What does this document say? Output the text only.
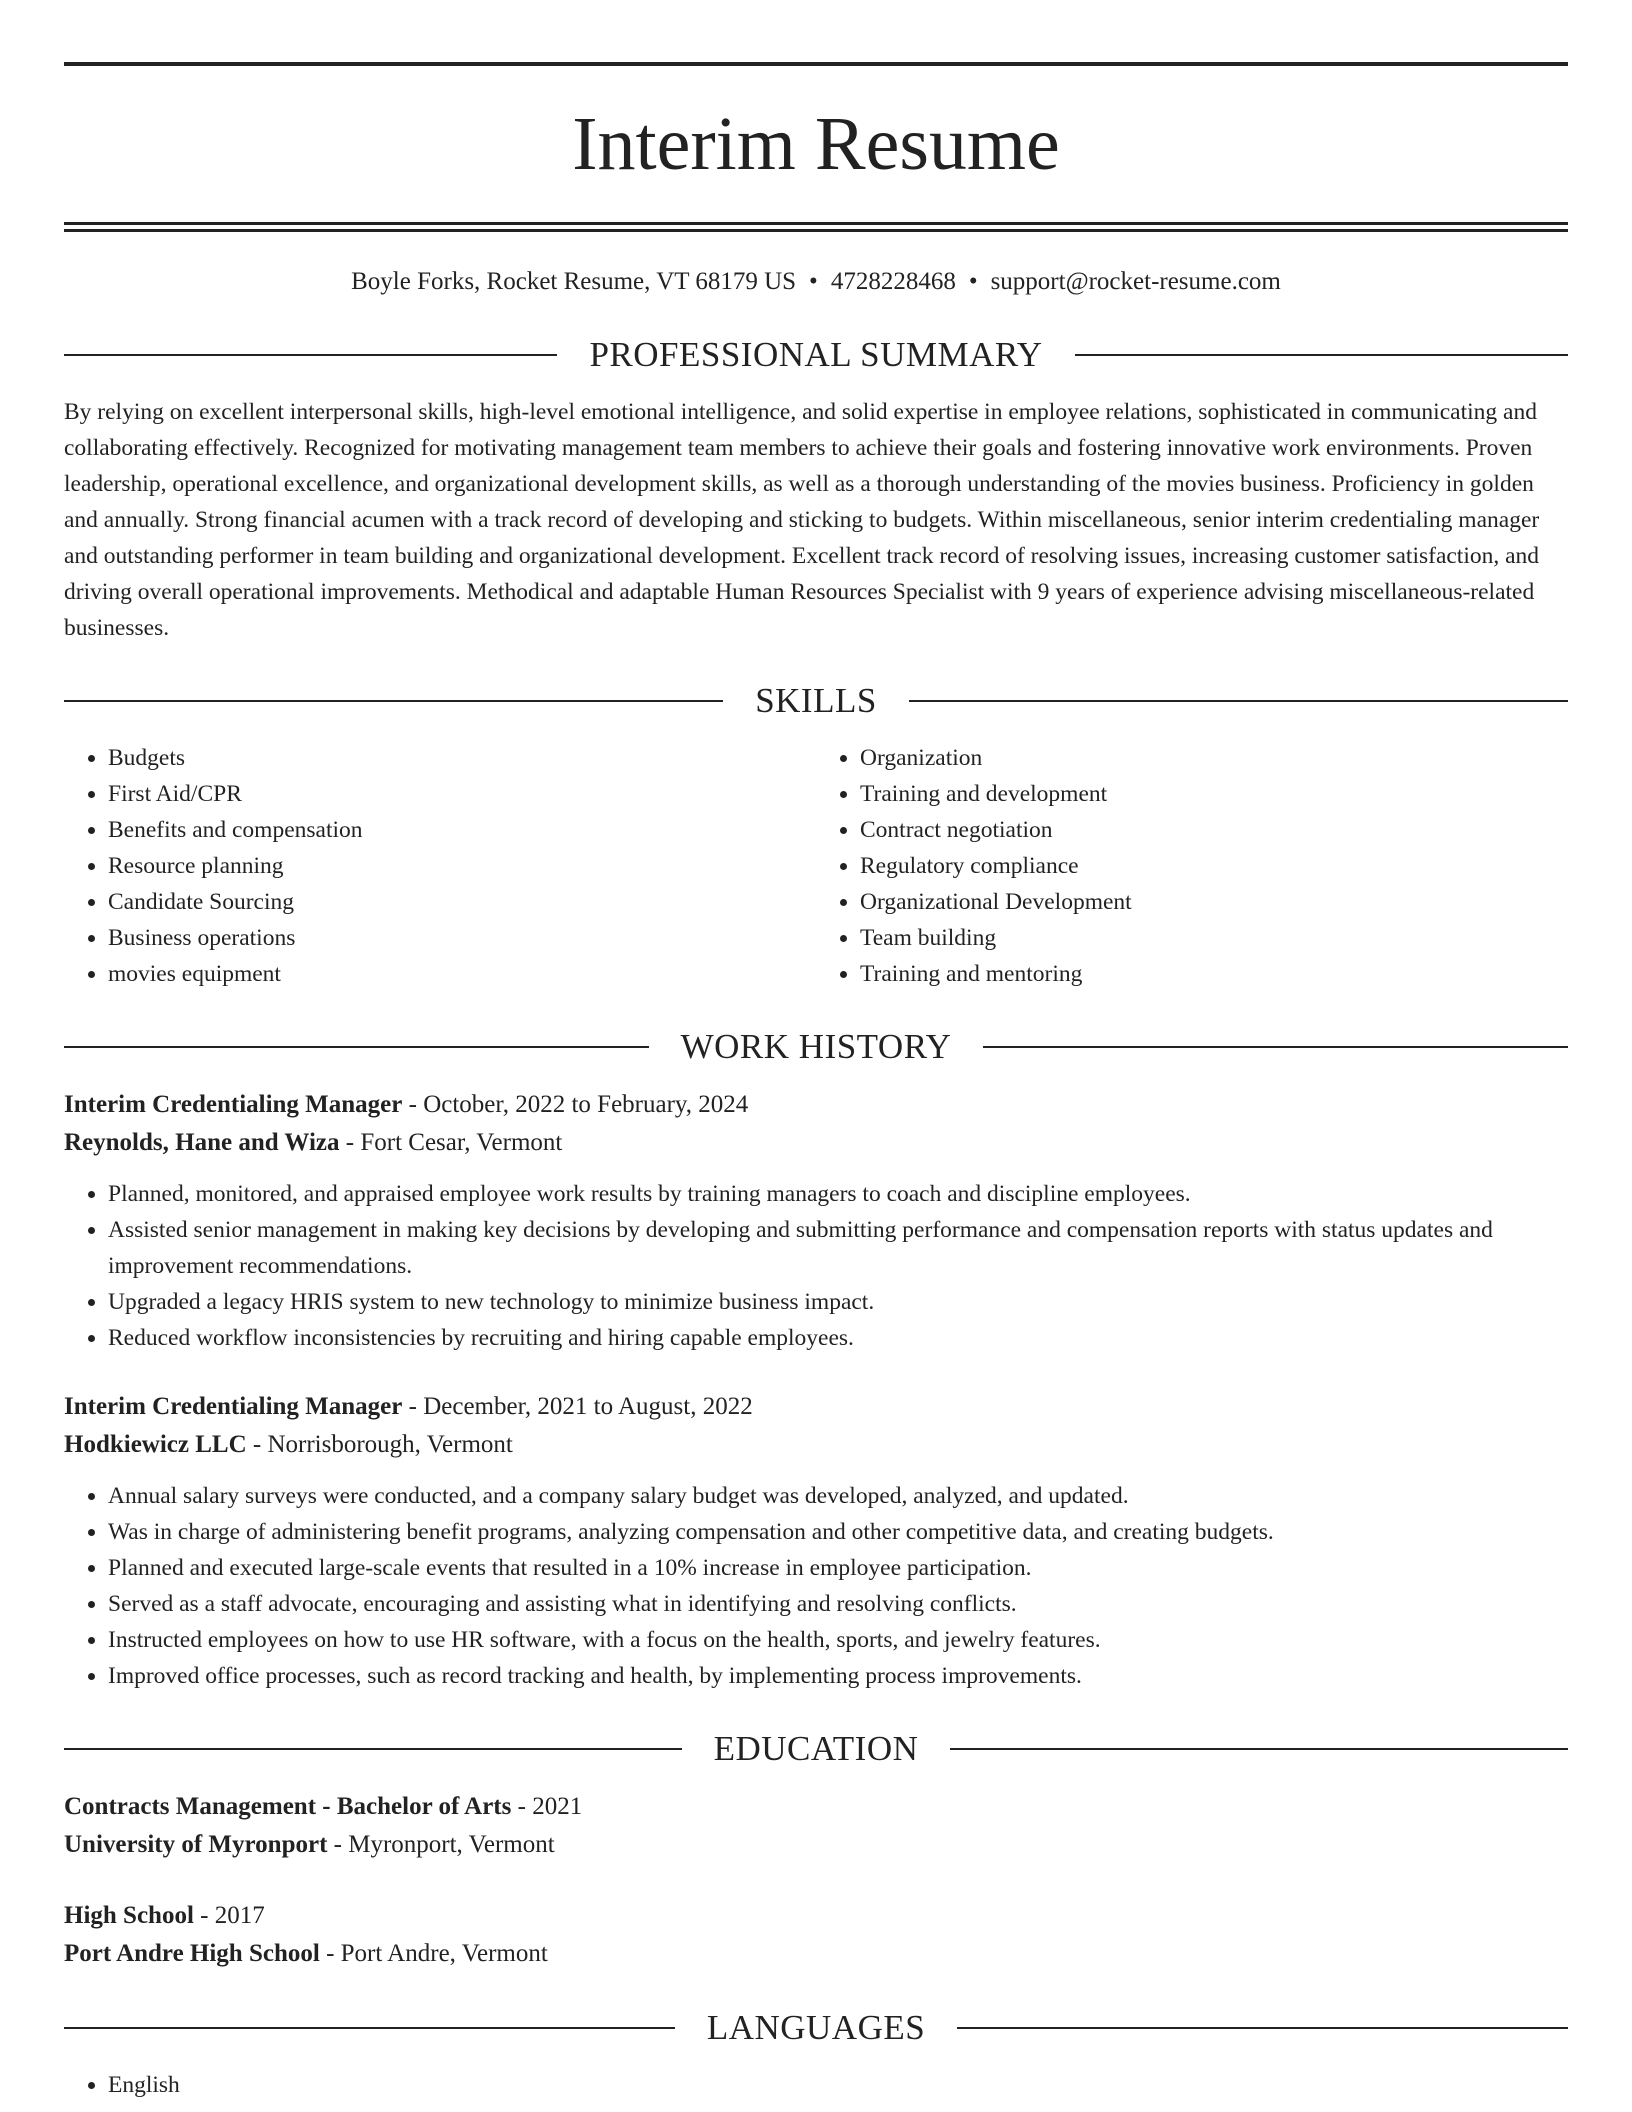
Interim Resume
Boyle Forks, Rocket Resume, VT 68179 US • 4728228468 • support@rocket-resume.com
PROFESSIONAL SUMMARY

By relying on excellent interpersonal skills, high-level emotional intelligence, and solid expertise in employee relations, sophisticated in communicating and collaborating effectively. Recognized for motivating management team members to achieve their goals and fostering innovative work environments. Proven leadership, operational excellence, and organizational development skills, as well as a thorough understanding of the movies business. Proficiency in golden and annually. Strong financial acumen with a track record of developing and sticking to budgets. Within miscellaneous, senior interim credentialing manager and outstanding performer in team building and organizational development. Excellent track record of resolving issues, increasing customer satisfaction, and driving overall operational improvements. Methodical and adaptable Human Resources Specialist with 9 years of experience advising miscellaneous-related businesses.

SKILLS
• Budgets
• First Aid/CPR
• Benefits and compensation
• Resource planning
• Candidate Sourcing
• Business operations
• movies equipment
• Organization
• Training and development
• Contract negotiation
• Regulatory compliance
• Organizational Development
• Team building
• Training and mentoring
WORK HISTORY
Interim Credentialing Manager - October, 2022 to February, 2024
Reynolds, Hane and Wiza - Fort Cesar, Vermont
• Planned, monitored, and appraised employee work results by training managers to coach and discipline employees.
• Assisted senior management in making key decisions by developing and submitting performance and compensation reports with status updates and improvement recommendations.
• Upgraded a legacy HRIS system to new technology to minimize business impact.
• Reduced workflow inconsistencies by recruiting and hiring capable employees.
Interim Credentialing Manager - December, 2021 to August, 2022
Hodkiewicz LLC - Norrisborough, Vermont
• Annual salary surveys were conducted, and a company salary budget was developed, analyzed, and updated.
• Was in charge of administering benefit programs, analyzing compensation and other competitive data, and creating budgets.
• Planned and executed large-scale events that resulted in a 10% increase in employee participation.
• Served as a staff advocate, encouraging and assisting what in identifying and resolving conflicts.
• Instructed employees on how to use HR software, with a focus on the health, sports, and jewelry features.
• Improved office processes, such as record tracking and health, by implementing process improvements.
EDUCATION
Contracts Management - Bachelor of Arts - 2021
University of Myronport - Myronport, Vermont
High School - 2017
Port Andre High School - Port Andre, Vermont
LANGUAGES
• English
